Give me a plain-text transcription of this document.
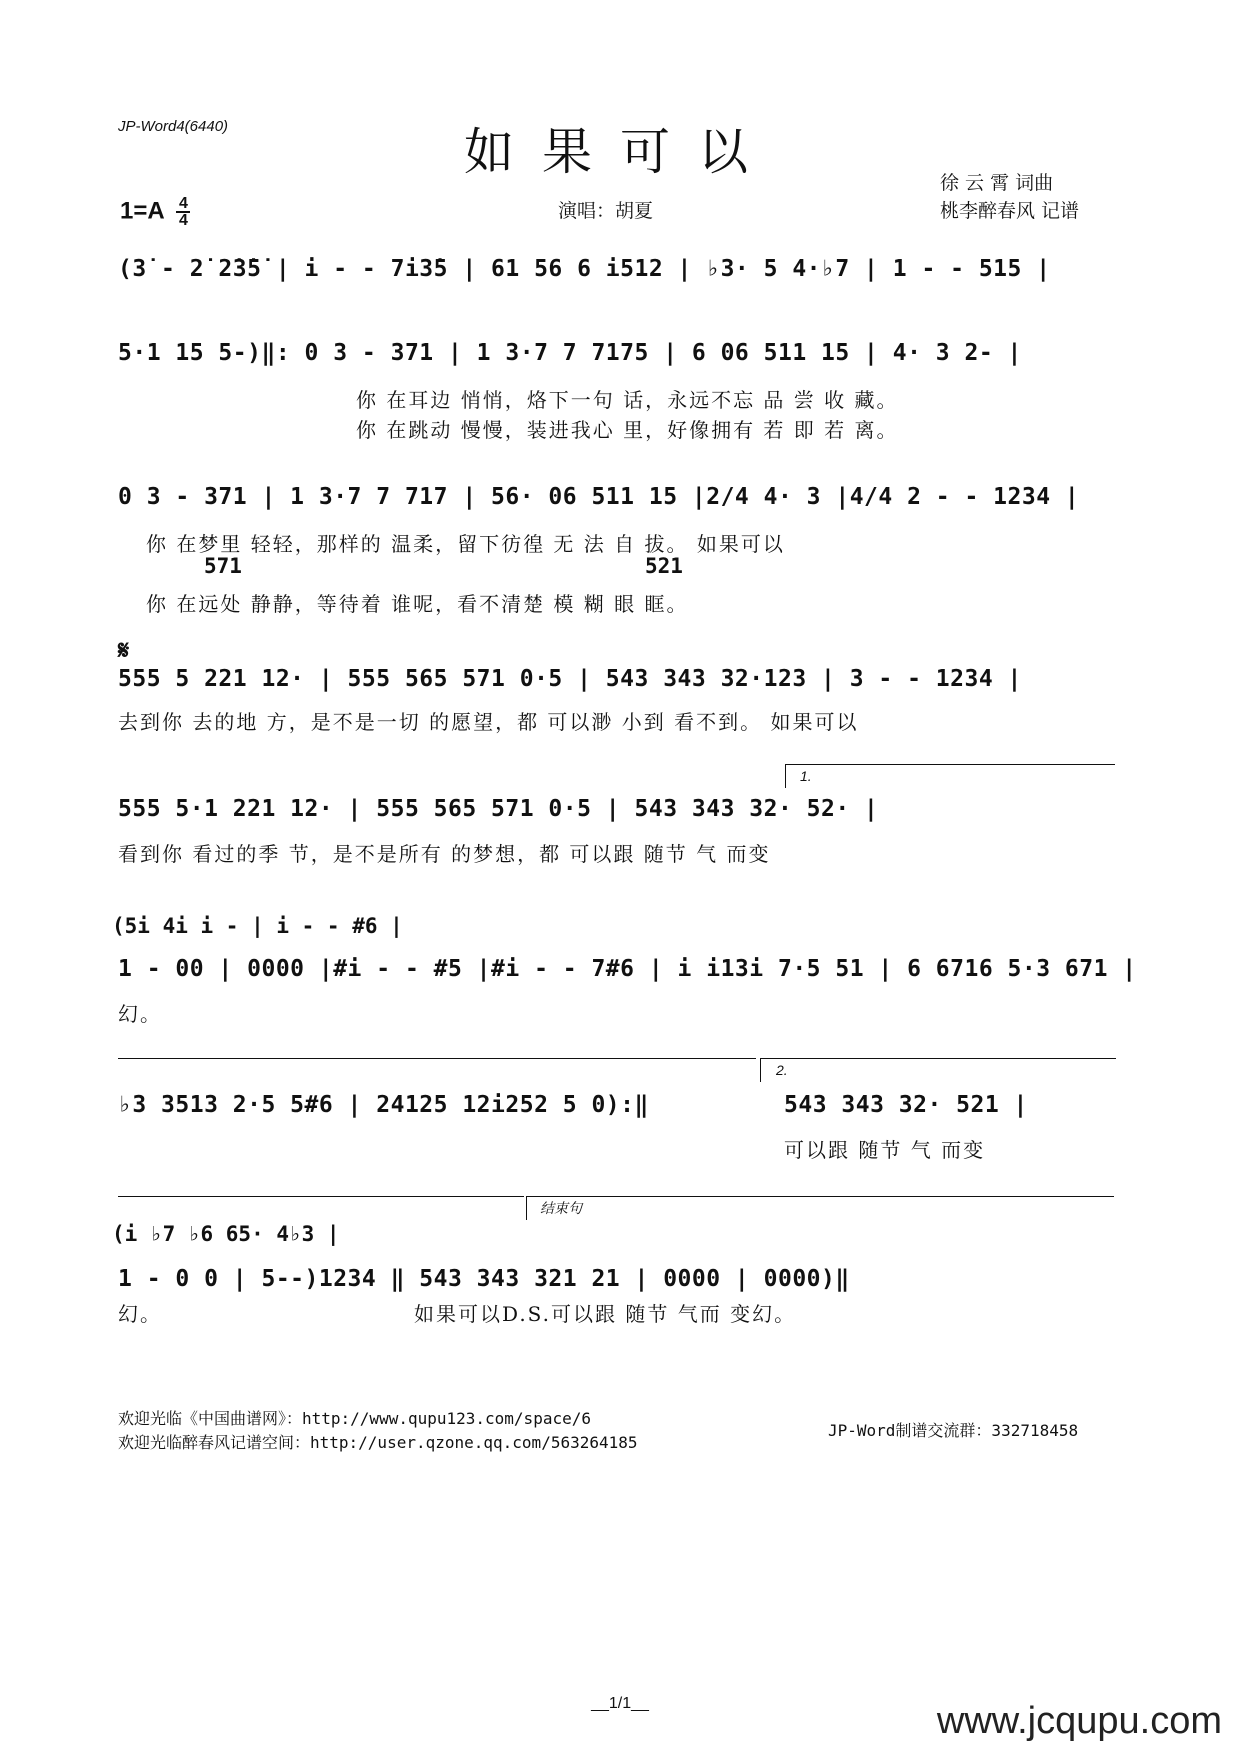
JP-Word4(6440)	如果可以
$1=A \frac{4}{4}$	演唱：胡夏
徐 云 霄 词曲
桃李醉春风 记谱
(3̇ - 2̇ 2̇3̇5̇ | i - - 7i3̇5 | 61 56 6 i512 | ♭3· 5 4·♭7 | 1 - - 515 |
5·1 15 5-)‖: 0 3 - 371 | 1 3·7 7 7175 | 6 06 511 15 | 4· 3 2- |
你 在耳边 悄悄，烙下一句 话，永远不忘 品 尝 收 藏。
你 在跳动 慢慢，装进我心 里，好像拥有 若 即 若 离。
0 3 - 371 | 1 3·7 7 717 | 56· 06 511 15 |2/4 4· 3 |4/4 2 - - 1234 |
你 在梦里 轻轻，那样的 温柔，留下彷徨 无 法 自 拔。 如果可以
571	521
你 在远处 静静，等待着 谁呢，看不清楚 模 糊 眼 眶。
𝄋
555 5 221 12· | 555 565 571 0·5 | 543 343 32·123 | 3 - - 1234 |
去到你 去的地 方，是不是一切 的愿望，都 可以渺 小到 看不到。 如果可以
1.
555 5·1 221 12· | 555 565 571 0·5 | 543 343 32· 52· |
看到你 看过的季 节，是不是所有 的梦想，都 可以跟 随节 气 而变
(5i 4i i - | i - - #6 |
1 - 00 | 0000 |#i - - #5 |#i - - 7#6 | i i13i 7·5 51 | 6 6716 5·3 671 |
幻。
2.
♭3 3513 2·5 5#6 | 24125 12i252 5 0):‖	543 343 32· 521 |
可以跟 随节 气 而变
结束句
(i ♭7 ♭6 65· 4♭3 |
1 - 0 0 | 5--)1234 ‖ 543 343 321 21 | 0000 | 0000)‖
幻。	如果可以D.S.可以跟 随节 气而 变幻。
欢迎光临《中国曲谱网》：http://www.qupu123.com/space/6
欢迎光临醉春风记谱空间：http://user.qzone.qq.com/563264185
JP-Word制谱交流群：332718458
__1/1__	www.jcqupu.com
